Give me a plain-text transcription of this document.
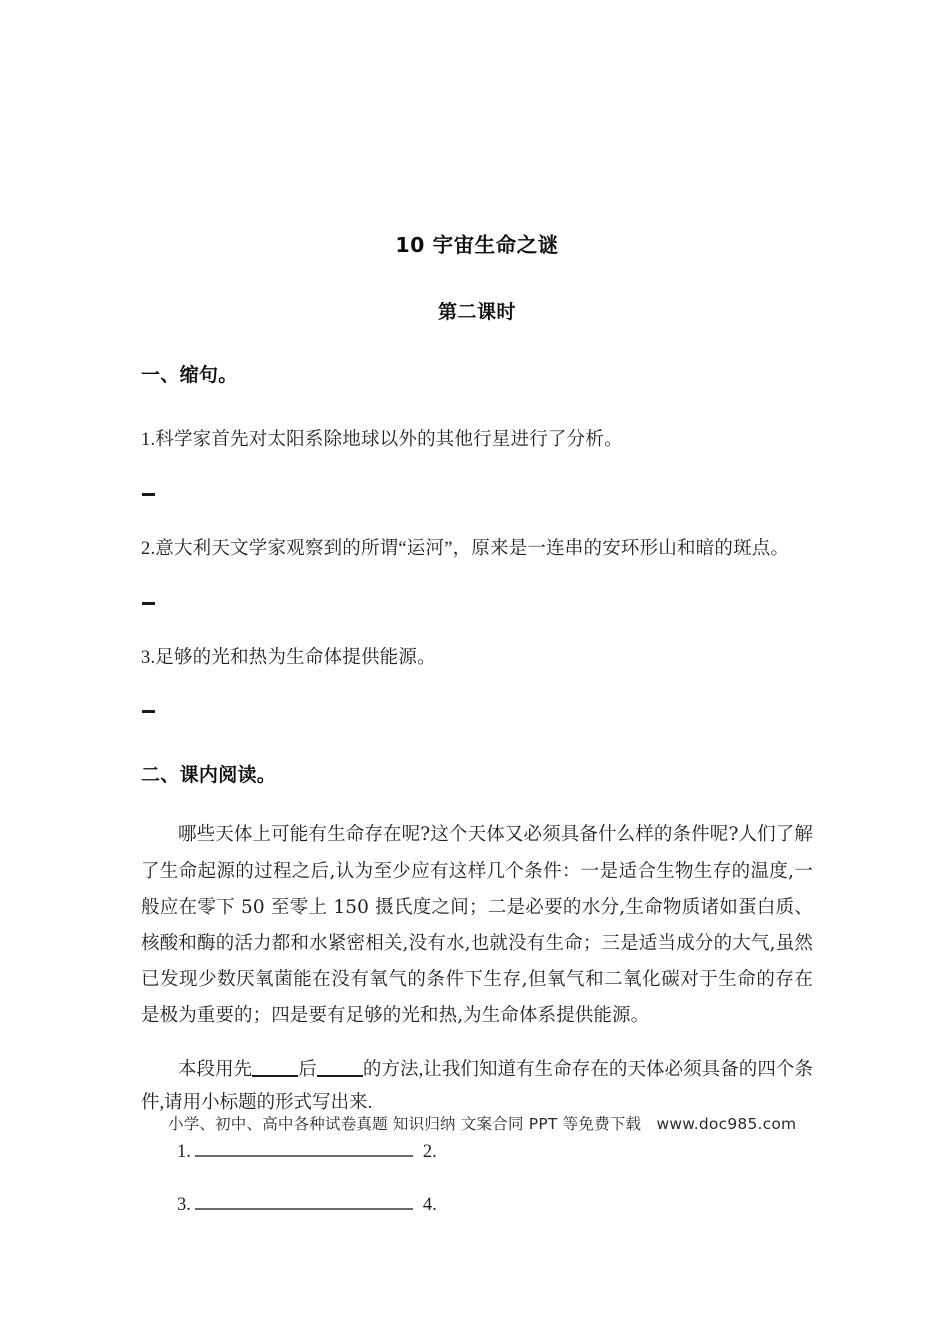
10 宇宙生命之谜
第二课时
一、缩句。
1.科学家首先对太阳系除地球以外的其他行星进行了分析。
2.意大利天文学家观察到的所谓“运河”，原来是一连串的安环形山和暗的斑点。
3.足够的光和热为生命体提供能源。
二、课内阅读。
哪些天体上可能有生命存在呢?这个天体又必须具备什么样的条件呢?人们了解了生命起源的过程之后,认为至少应有这样几个条件：一是适合生物生存的温度,一般应在零下 50 至零上 150 摄氏度之间；二是必要的水分,生命物质诸如蛋白质、核酸和酶的活力都和水紧密相关,没有水,也就没有生命；三是适当成分的大气,虽然已发现少数厌氧菌能在没有氧气的条件下生存,但氧气和二氧化碳对于生命的存在是极为重要的；四是要有足够的光和热,为生命体系提供能源。
本段用先 后 的方法,让我们知道有生命存在的天体必须具备的四个条件,请用小标题的形式写出来.
1.	2.
3.	4.
小学、初中、高中各种试卷真题 知识归纳 文案合同 PPT 等免费下载   www.doc985.com
